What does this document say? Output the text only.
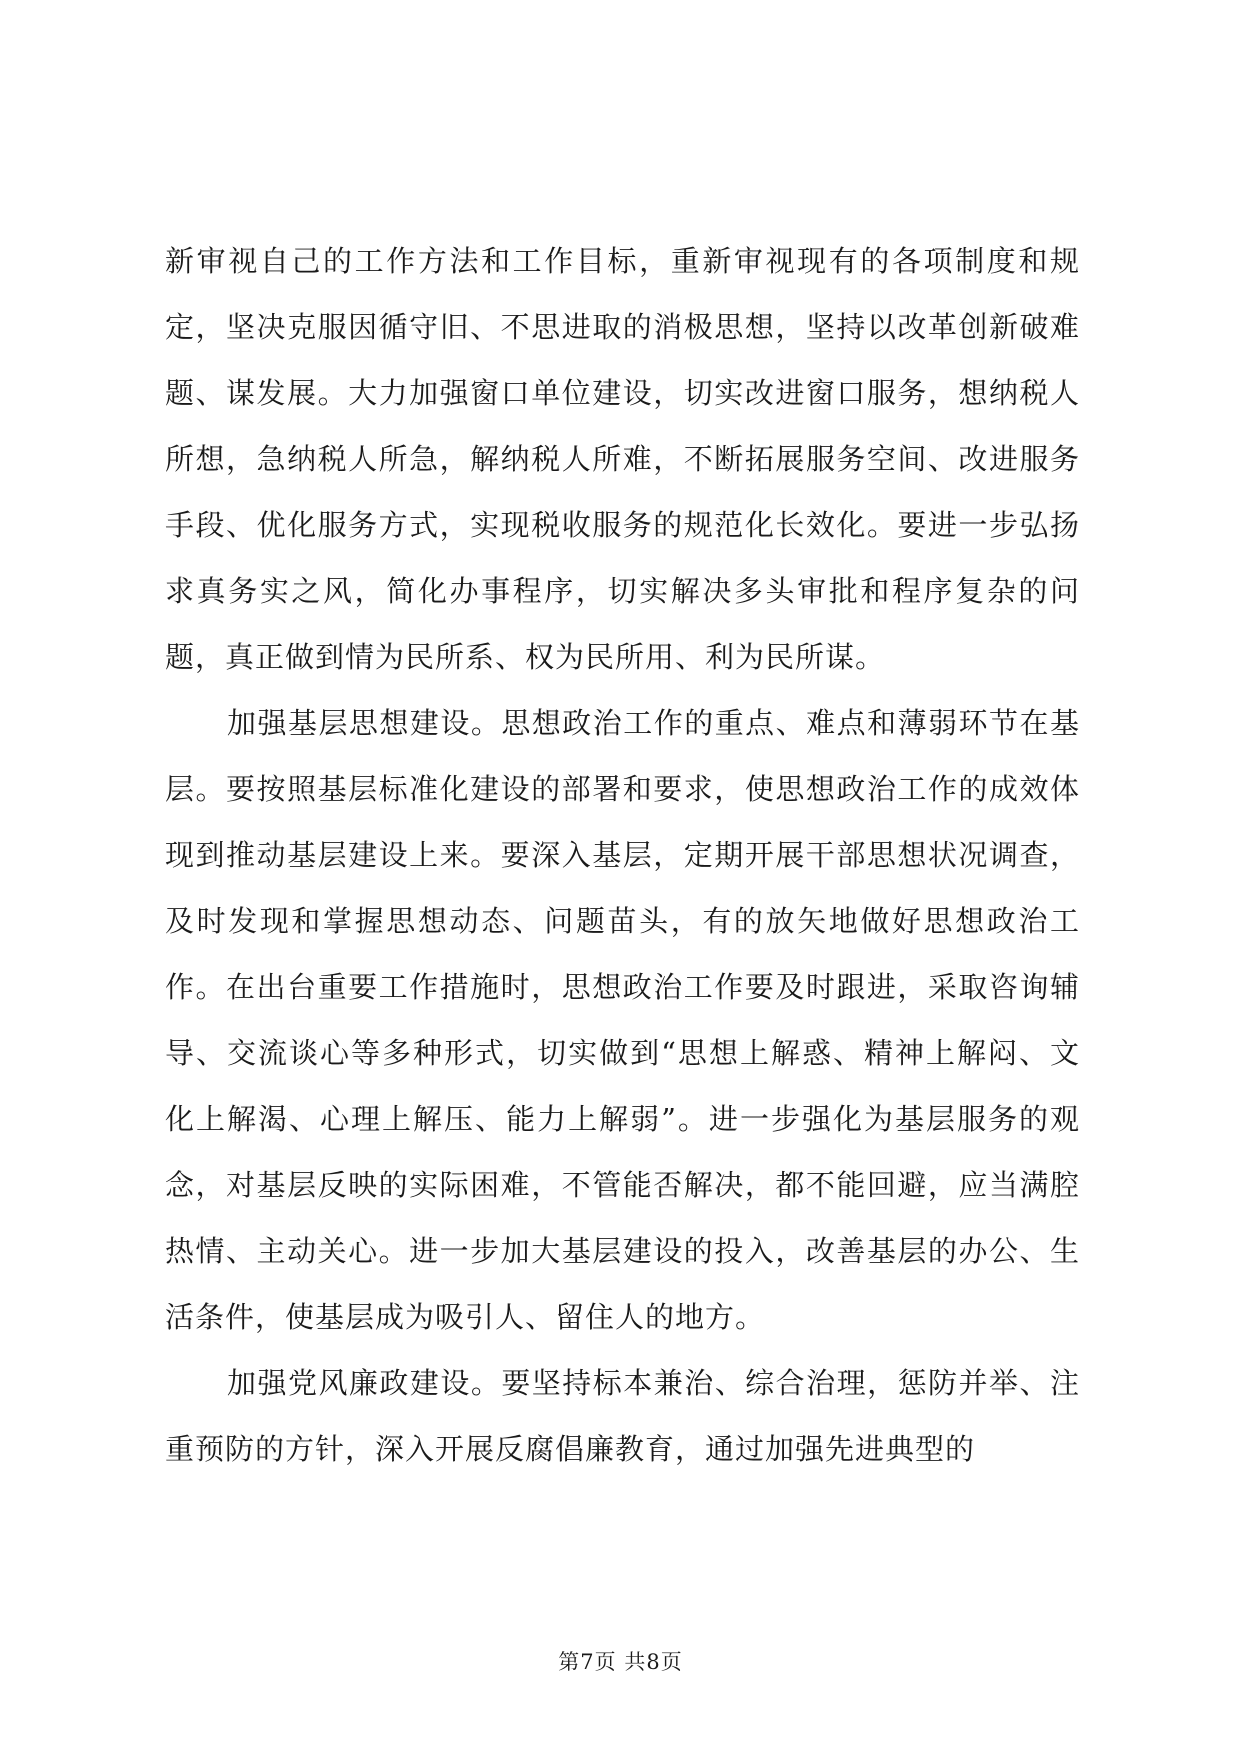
新审视自己的工作方法和工作目标，重新审视现有的各项制度和规定，坚决克服因循守旧、不思进取的消极思想，坚持以改革创新破难题、谋发展。大力加强窗口单位建设，切实改进窗口服务，想纳税人所想，急纳税人所急，解纳税人所难，不断拓展服务空间、改进服务手段、优化服务方式，实现税收服务的规范化长效化。要进一步弘扬求真务实之风，简化办事程序，切实解决多头审批和程序复杂的问题，真正做到情为民所系、权为民所用、利为民所谋。

加强基层思想建设。思想政治工作的重点、难点和薄弱环节在基层。要按照基层标准化建设的部署和要求，使思想政治工作的成效体现到推动基层建设上来。要深入基层，定期开展干部思想状况调查，及时发现和掌握思想动态、问题苗头，有的放矢地做好思想政治工作。在出台重要工作措施时，思想政治工作要及时跟进，采取咨询辅导、交流谈心等多种形式，切实做到“思想上解惑、精神上解闷、文化上解渴、心理上解压、能力上解弱”。进一步强化为基层服务的观念，对基层反映的实际困难，不管能否解决，都不能回避，应当满腔热情、主动关心。进一步加大基层建设的投入，改善基层的办公、生活条件，使基层成为吸引人、留住人的地方。

加强党风廉政建设。要坚持标本兼治、综合治理，惩防并举、注重预防的方针，深入开展反腐倡廉教育，通过加强先进典型的

第7页 共8页
